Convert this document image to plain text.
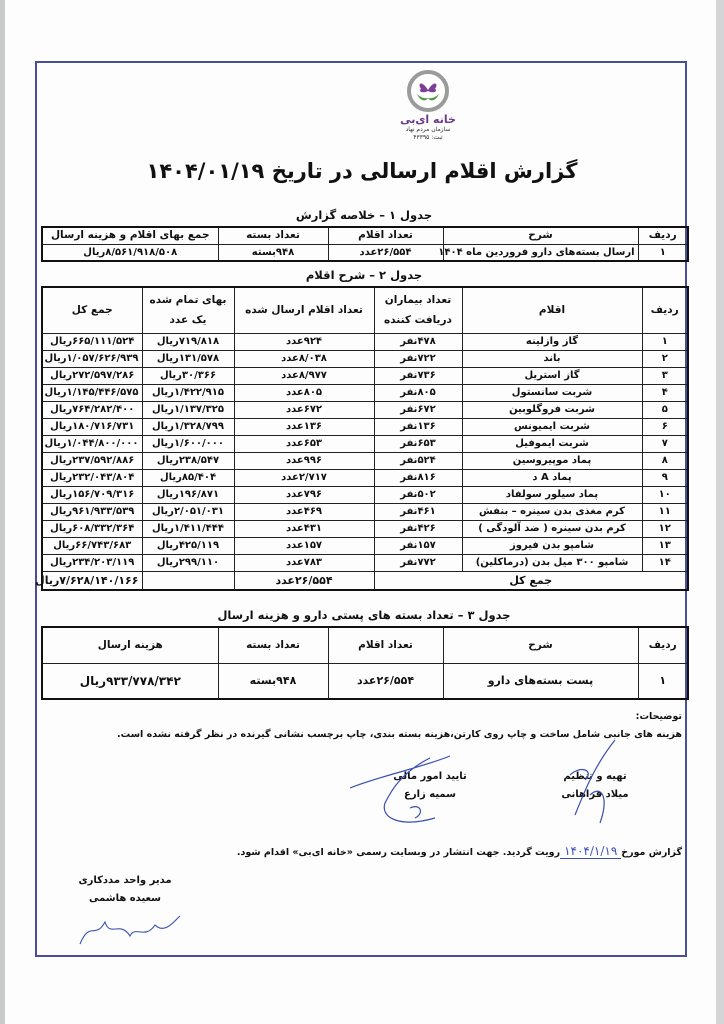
خانه ای‌بی
سازمان مردم نهاد
ثبت: ۴۳۳۹۵
گزارش اقلام ارسالی در تاریخ ۱۴۰۴/۰۱/۱۹
جدول ۱ – خلاصه گزارش
ردیف	شرح	تعداد اقلام	تعداد بسته	جمع بهای اقلام و هزینه ارسال
۱	ارسال بسته‌های دارو فروردین ماه ۱۴۰۴	۲۶/۵۵۴عدد	۹۴۸بسته	۸/۵۶۱/۹۱۸/۵۰۸ریال
جدول ۲ – شرح اقلام
ردیف	اقلام	تعداد بیماران دریافت کننده	تعداد اقلام ارسال شده	بهای تمام شده یک عدد	جمع کل
۱	گاز وازلینه	۴۷۸نفر	۹۲۴عدد	۷۱۹/۸۱۸ریال	۶۶۵/۱۱۱/۵۲۴ریال
۲	باند	۷۲۲نفر	۸/۰۳۸عدد	۱۳۱/۵۷۸ریال	۱/۰۵۷/۶۲۶/۹۳۹ریال
۳	گاز استریل	۷۳۶نفر	۸/۹۷۷عدد	۳۰/۳۶۶ریال	۲۷۲/۵۹۷/۲۸۶ریال
۴	شربت سانستول	۸۰۵نفر	۸۰۵عدد	۱/۴۲۲/۹۱۵ریال	۱/۱۴۵/۴۴۶/۵۷۵ریال
۵	شربت فروگلوبین	۶۷۲نفر	۶۷۲عدد	۱/۱۳۷/۳۲۵ریال	۷۶۴/۲۸۲/۴۰۰ریال
۶	شربت ایمیونس	۱۳۶نفر	۱۳۶عدد	۱/۳۲۸/۷۹۹ریال	۱۸۰/۷۱۶/۷۳۱ریال
۷	شربت ایموفیل	۶۵۳نفر	۶۵۳عدد	۱/۶۰۰/۰۰۰ریال	۱/۰۴۴/۸۰۰/۰۰۰ریال
۸	پماد موپیروسین	۵۲۴نفر	۹۹۶عدد	۲۳۸/۵۴۷ریال	۲۳۷/۵۹۲/۸۸۶ریال
۹	پماد A د	۸۱۶نفر	۲/۷۱۷عدد	۸۵/۴۰۴ریال	۲۳۲/۰۴۳/۸۰۴ریال
۱۰	پماد سیلور سولفاد	۵۰۲نفر	۷۹۶عدد	۱۹۶/۸۷۱ریال	۱۵۶/۷۰۹/۳۱۶ریال
۱۱	کرم مغذی بدن سینره – بنفش	۴۶۱نفر	۴۶۹عدد	۲/۰۵۱/۰۳۱ریال	۹۶۱/۹۳۳/۵۳۹ریال
۱۲	کرم بدن سینره ( ضد آلودگی )	۴۲۶نفر	۴۳۱عدد	۱/۴۱۱/۴۴۴ریال	۶۰۸/۳۳۲/۳۶۴ریال
۱۳	شامپو بدن فیروز	۱۵۷نفر	۱۵۷عدد	۴۲۵/۱۱۹ریال	۶۶/۷۴۳/۶۸۳ریال
۱۴	شامپو ۳۰۰ میل بدن (درماکلین)	۷۷۲نفر	۷۸۳عدد	۲۹۹/۱۱۰ریال	۲۳۴/۲۰۳/۱۱۹ریال
جمع کل			۲۶/۵۵۴عدد		۷/۶۲۸/۱۴۰/۱۶۶ریال
جدول ۳ – تعداد بسته های پستی دارو و هزینه ارسال
ردیف	شرح	تعداد اقلام	تعداد بسته	هزینه ارسال
۱	پست بسته‌های دارو	۲۶/۵۵۴عدد	۹۴۸بسته	۹۳۳/۷۷۸/۳۴۲ریال
توضیحات:
هزینه های جانبی شامل ساخت و چاپ روی کارتن،هزینه بسته بندی، چاپ برچسب نشانی گیرنده در نظر گرفته نشده است.
تهیه و تنظیم
میلاد فراهانی
تایید امور مالی
سمیه زارع
مدیر واحد مددکاری
سعیده هاشمی
گزارش مورخ۱۴۰۴/۱/۱۹رویت گردید. جهت انتشار در وبسایت رسمی «خانه ای‌بی» اقدام شود.
